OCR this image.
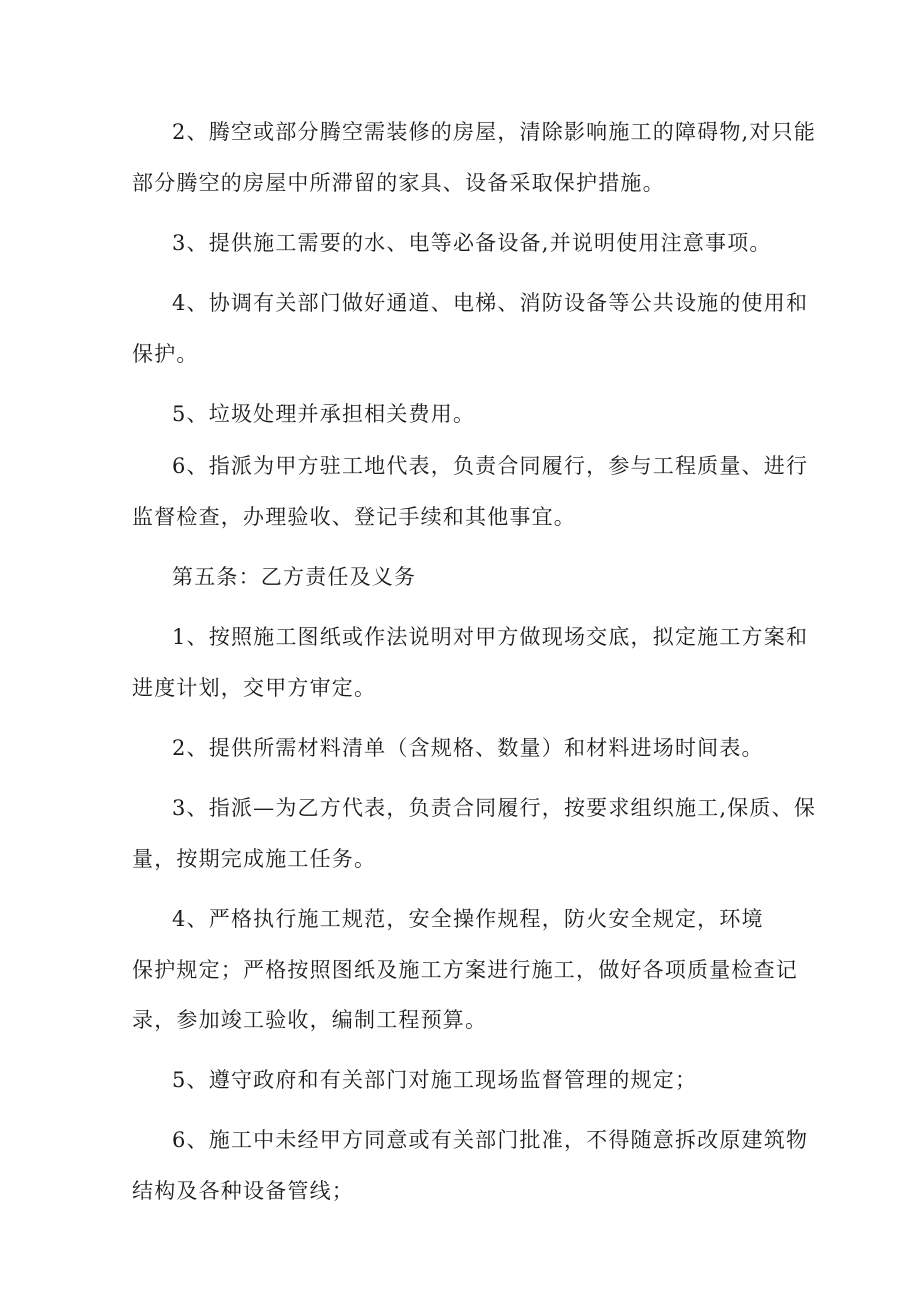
2、腾空或部分腾空需装修的房屋，清除影响施工的障碍物,对只能
部分腾空的房屋中所滞留的家具、设备采取保护措施。
3、提供施工需要的水、电等必备设备,并说明使用注意事项。
4、协调有关部门做好通道、电梯、消防设备等公共设施的使用和
保护。
5、垃圾处理并承担相关费用。
6、指派为甲方驻工地代表，负责合同履行，参与工程质量、进行
监督检查，办理验收、登记手续和其他事宜。
第五条：乙方责任及义务
1、按照施工图纸或作法说明对甲方做现场交底，拟定施工方案和
进度计划，交甲方审定。
2、提供所需材料清单（含规格、数量）和材料进场时间表。
3、指派—为乙方代表，负责合同履行，按要求组织施工,保质、保
量，按期完成施工任务。
4、严格执行施工规范，安全操作规程，防火安全规定，环境
保护规定；严格按照图纸及施工方案进行施工，做好各项质量检查记
录，参加竣工验收，编制工程预算。
5、遵守政府和有关部门对施工现场监督管理的规定；
6、施工中未经甲方同意或有关部门批准，不得随意拆改原建筑物
结构及各种设备管线；
